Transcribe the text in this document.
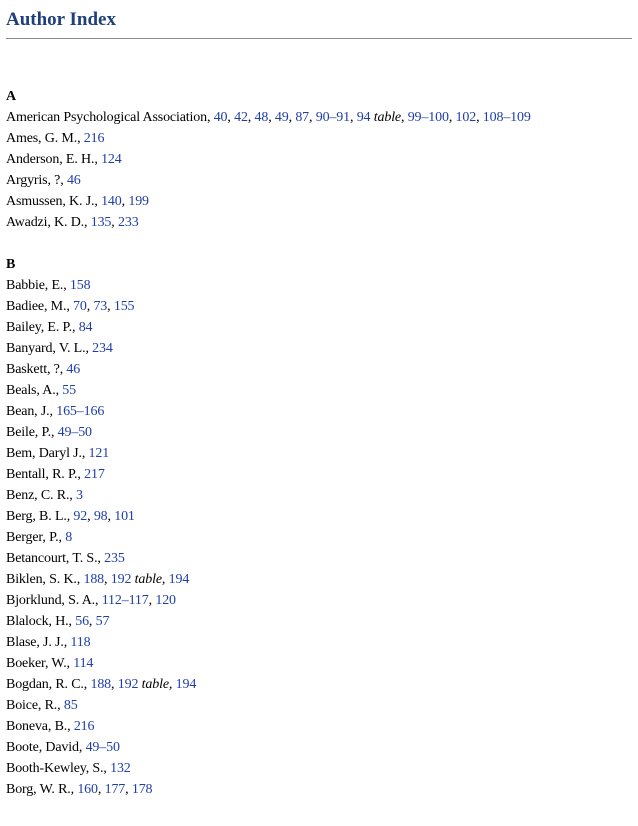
Author Index
A
American Psychological Association, 40, 42, 48, 49, 87, 90–91, 94 table, 99–100, 102, 108–109
Ames, G. M., 216
Anderson, E. H., 124
Argyris, ?, 46
Asmussen, K. J., 140, 199
Awadzi, K. D., 135, 233
B
Babbie, E., 158
Badiee, M., 70, 73, 155
Bailey, E. P., 84
Banyard, V. L., 234
Baskett, ?, 46
Beals, A., 55
Bean, J., 165–166
Beile, P., 49–50
Bem, Daryl J., 121
Bentall, R. P., 217
Benz, C. R., 3
Berg, B. L., 92, 98, 101
Berger, P., 8
Betancourt, T. S., 235
Biklen, S. K., 188, 192 table, 194
Bjorklund, S. A., 112–117, 120
Blalock, H., 56, 57
Blase, J. J., 118
Boeker, W., 114
Bogdan, R. C., 188, 192 table, 194
Boice, R., 85
Boneva, B., 216
Boote, David, 49–50
Booth-Kewley, S., 132
Borg, W. R., 160, 177, 178
